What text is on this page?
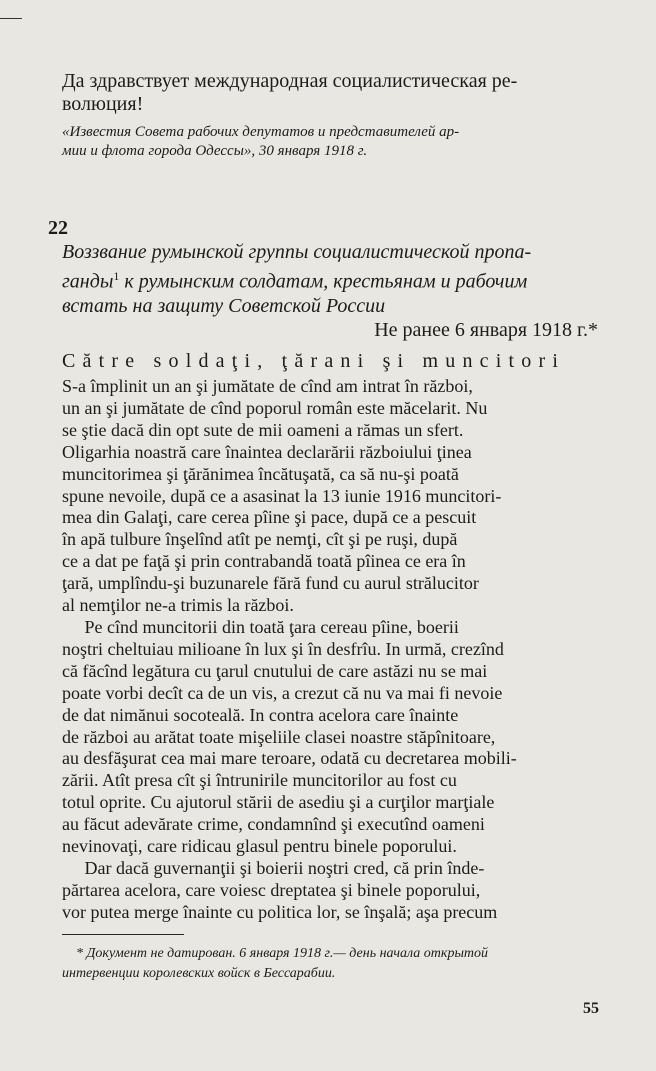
Да здравствует международная социалистическая ре-
волюция!

«Известия Совета рабочих депутатов и представителей ар-
мии и флота города Одессы», 30 января 1918 г.
22
Воззвание румынской группы социалистической пропа-
ганды$^1$ к румынским солдатам, крестьянам и рабочим
встать на защиту Советской России
Не ранее 6 января 1918 г.*
Către soldaţi, ţărani şi muncitori

S-a împlinit un an şi jumătate de cînd am intrat în război,
un an şi jumătate de cînd poporul român este măcelarit. Nu
se ştie dacă din opt sute de mii oameni a rămas un sfert.
Oligarhia noastră care înaintea declarării războiului ţinea
muncitorimea şi ţărănimea încătuşată, ca să nu-şi poată
spune nevoile, după ce a asasinat la 13 iunie 1916 muncitori-
mea din Galaţi, care cerea pîine şi pace, după ce a pescuit
în apă tulbure înşelînd atît pe nemţi, cît şi pe ruşi, după
ce a dat pe faţă şi prin contrabandă toată pîinea ce era în
ţară, umplîndu-şi buzunarele fără fund cu aurul strălucitor
al nemţilor ne-a trimis la război.

Pe cînd muncitorii din toată ţara cereau pîine, boerii
noştri cheltuiau milioane în lux şi în desfrîu. In urmă, crezînd
că făcînd legătura cu ţarul cnutului de care astăzi nu se mai
poate vorbi decît ca de un vis, a crezut că nu va mai fi nevoie
de dat nimănui socoteală. In contra acelora care înainte
de război au arătat toate mişeliile clasei noastre stăpînitoare,
au desfăşurat cea mai mare teroare, odată cu decretarea mobili-
zării. Atît presa cît şi întrunirile muncitorilor au fost cu
totul oprite. Cu ajutorul stării de asediu şi a curţilor marţiale
au făcut adevărate crime, condamnînd şi executînd oameni
nevinovaţi, care ridicau glasul pentru binele poporului.

Dar dacă guvernanţii şi boierii noştri cred, că prin înde-
părtarea acelora, care voiesc dreptatea şi binele poporului,
vor putea merge înainte cu politica lor, se înşală; aşa precum

* Документ не датирован. 6 января 1918 г.— день начала открытой
интервенции королевских войск в Бессарабии.
55
